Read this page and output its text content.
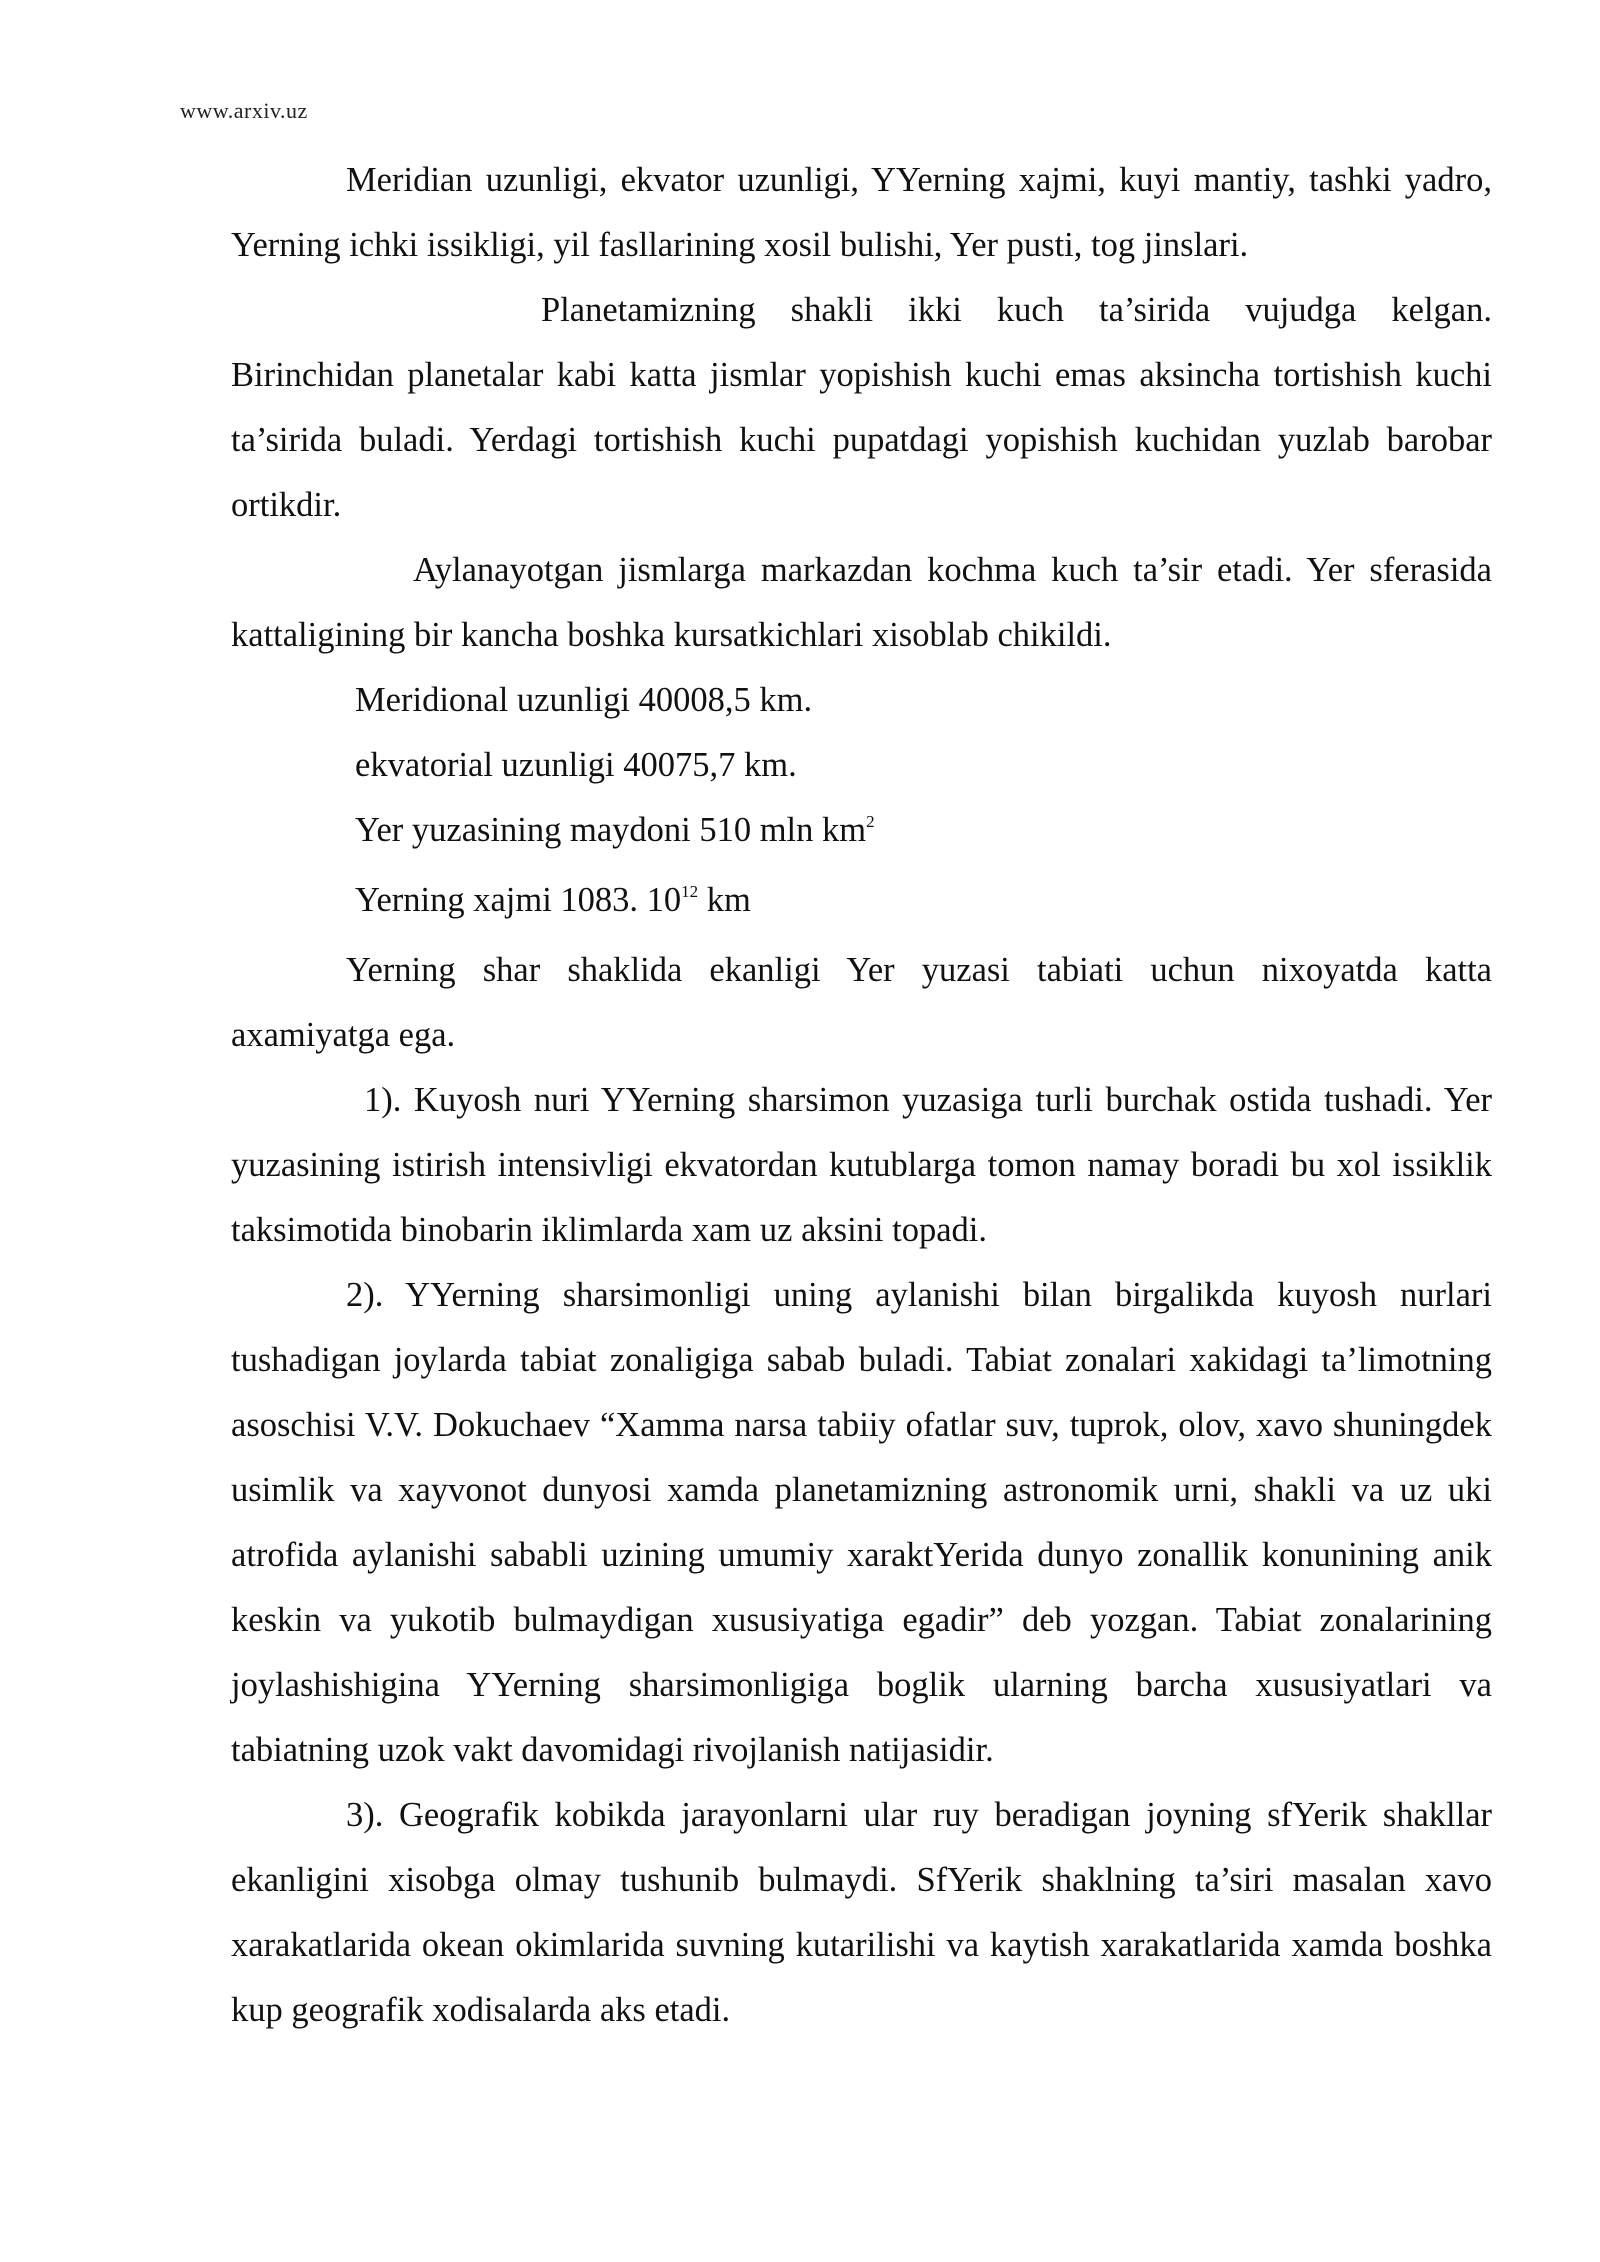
www.arxiv.uz

Meridian uzunligi, ekvator uzunligi, YYerning xajmi, kuyi mantiy, tashki yadro, Yerning ichki issikligi, yil fasllarining xosil bulishi, Yer pusti, tog jinslari.

Planetamizning shakli ikki kuch ta’sirida vujudga kelgan. Birinchidan planetalar kabi katta jismlar yopishish kuchi emas aksincha tortishish kuchi ta’sirida buladi. Yerdagi tortishish kuchi pupatdagi yopishish kuchidan yuzlab barobar ortikdir.

Aylanayotgan jismlarga markazdan kochma kuch ta’sir etadi. Yer sferasida kattaligining bir kancha boshka kursatkichlari xisoblab chikildi.

Meridional uzunligi 40008,5 km.
ekvatorial uzunligi 40075,7 km.
Yer yuzasining maydoni 510 mln $km^2$
Yerning xajmi 1083. $10^{12}$ km

Yerning shar shaklida ekanligi Yer yuzasi tabiati uchun nixoyatda katta axamiyatga ega.

1). Kuyosh nuri YYerning sharsimon yuzasiga turli burchak ostida tushadi. Yer yuzasining istirish intensivligi ekvatordan kutublarga tomon namay boradi bu xol issiklik taksimotida binobarin iklimlarda xam uz aksini topadi.

2). YYerning sharsimonligi uning aylanishi bilan birgalikda kuyosh nurlari tushadigan joylarda tabiat zonaligiga sabab buladi. Tabiat zonalari xakidagi ta’limotning asoschisi V.V. Dokuchaev “Xamma narsa tabiiy ofatlar suv, tuprok, olov, xavo shuningdek usimlik va xayvonot dunyosi xamda planetamizning astronomik urni, shakli va uz uki atrofida aylanishi sababli uzining umumiy xaraktYerida dunyo zonallik konunining anik keskin va yukotib bulmaydigan xususiyatiga egadir” deb yozgan. Tabiat zonalarining joylashishigina YYerning sharsimonligiga boglik ularning barcha xususiyatlari va tabiatning uzok vakt davomidagi rivojlanish natijasidir.

3). Geografik kobikda jarayonlarni ular ruy beradigan joyning sfYerik shakllar ekanligini xisobga olmay tushunib bulmaydi. SfYerik shaklning ta’siri masalan xavo xarakatlarida okean okimlarida suvning kutarilishi va kaytish xarakatlarida xamda boshka kup geografik xodisalarda aks etadi.
